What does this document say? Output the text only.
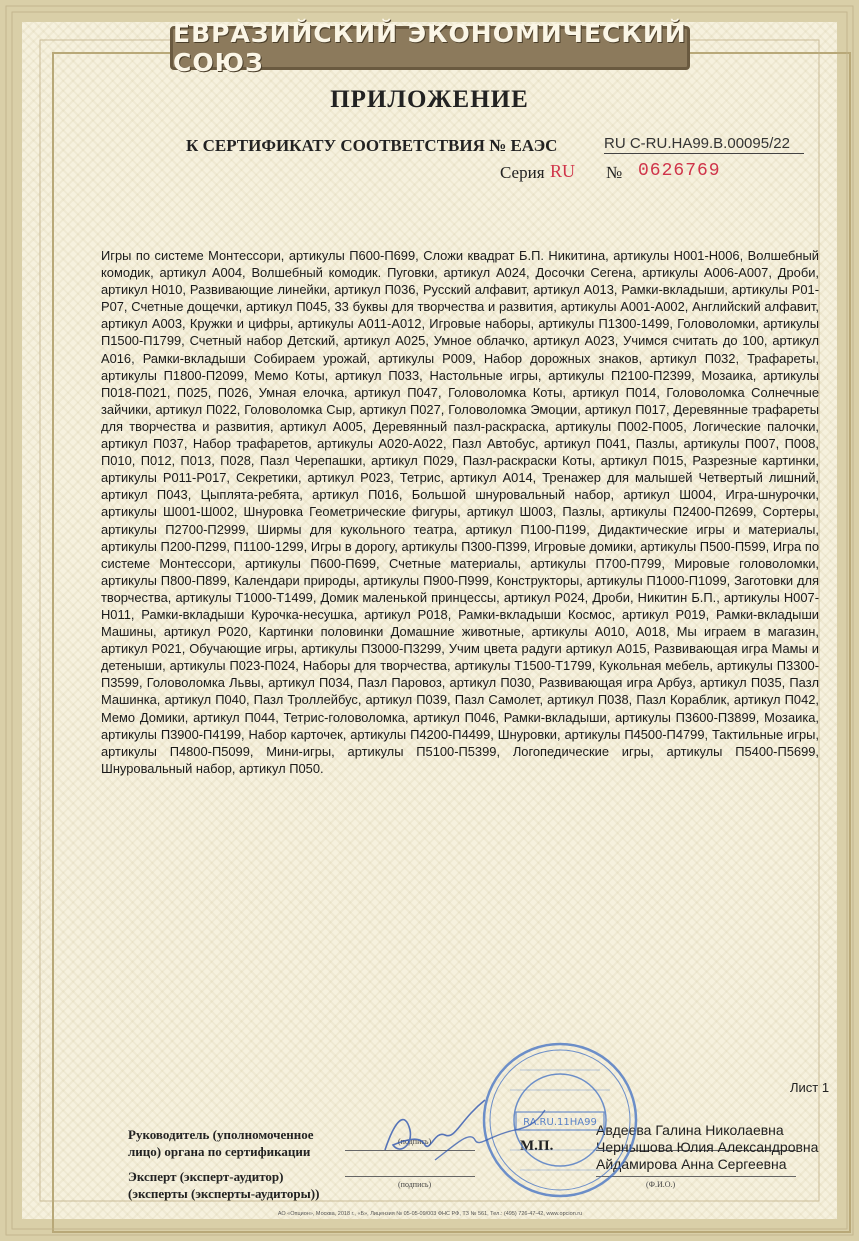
ЕВРАЗИЙСКИЙ ЭКОНОМИЧЕСКИЙ СОЮЗ
ПРИЛОЖЕНИЕ
К СЕРТИФИКАТУ СООТВЕТСТВИЯ № ЕАЭС	RU C-RU.HA99.B.00095/22
Серия RU № 0626769
Игры по системе Монтессори, артикулы П600-П699, Сложи квадрат Б.П. Никитина, артикулы Н001-Н006, Волшебный комодик, артикул А004, Волшебный комодик. Пуговки, артикул А024, Досочки Сегена, артикулы А006-А007, Дроби, артикул Н010, Развивающие линейки, артикул П036, Русский алфавит, артикул А013, Рамки-вкладыши, артикулы Р01-Р07, Счетные дощечки, артикул П045, 33 буквы для творчества и развития, артикулы А001-А002, Английский алфавит, артикул А003, Кружки и цифры, артикулы А011-А012, Игровые наборы, артикулы П1300-1499, Головоломки, артикулы П1500-П1799, Счетный набор Детский, артикул А025, Умное облачко, артикул А023, Учимся считать до 100, артикул А016, Рамки-вкладыши Собираем урожай, артикулы Р009, Набор дорожных знаков, артикул П032, Трафареты, артикулы П1800-П2099, Мемо Коты, артикул П033, Настольные игры, артикулы П2100-П2399, Мозаика, артикулы П018-П021, П025, П026, Умная елочка, артикул П047, Головоломка Коты, артикул П014, Головоломка Солнечные зайчики, артикул П022, Головоломка Сыр, артикул П027, Головоломка Эмоции, артикул П017, Деревянные трафареты для творчества и развития, артикул А005, Деревянный пазл-раскраска, артикулы П002-П005, Логические палочки, артикул П037, Набор трафаретов, артикулы А020-А022, Пазл Автобус, артикул П041, Пазлы, артикулы П007, П008, П010, П012, П013, П028, Пазл Черепашки, артикул П029, Пазл-раскраски Коты, артикул П015, Разрезные картинки, артикулы Р011-Р017, Секретики, артикул Р023, Тетрис, артикул А014, Тренажер для малышей Четвертый лишний, артикул П043, Цыплята-ребята, артикул П016, Большой шнуровальный набор, артикул Ш004, Игра-шнурочки, артикулы Ш001-Ш002, Шнуровка Геометрические фигуры, артикул Ш003, Пазлы, артикулы П2400-П2699, Сортеры, артикулы П2700-П2999, Ширмы для кукольного театра, артикул П100-П199, Дидактические игры и материалы, артикулы П200-П299, П1100-1299, Игры в дорогу, артикулы П300-П399, Игровые домики, артикулы П500-П599, Игра по системе Монтессори, артикулы П600-П699, Счетные материалы, артикулы П700-П799, Мировые головоломки, артикулы П800-П899, Календари природы, артикулы П900-П999, Конструкторы, артикулы П1000-П1099, Заготовки для творчества, артикулы Т1000-Т1499, Домик маленькой принцессы, артикул Р024, Дроби, Никитин Б.П., артикулы Н007-Н011, Рамки-вкладыши Курочка-несушка, артикул Р018, Рамки-вкладыши Космос, артикул Р019, Рамки-вкладыши Машины, артикул Р020, Картинки половинки Домашние животные, артикулы А010, А018, Мы играем в магазин, артикул Р021, Обучающие игры, артикулы П3000-П3299, Учим цвета радуги артикул А015, Развивающая игра Мамы и детеныши, артикулы П023-П024, Наборы для творчества, артикулы Т1500-Т1799, Кукольная мебель, артикулы П3300-П3599, Головоломка Львы, артикул П034, Пазл Паровоз, артикул П030, Развивающая игра Арбуз, артикул П035, Пазл Машинка, артикул П040, Пазл Троллейбус, артикул П039, Пазл Самолет, артикул П038, Пазл Кораблик, артикул П042, Мемо Домики, артикул П044, Тетрис-головоломка, артикул П046, Рамки-вкладыши, артикулы П3600-П3899, Мозаика, артикулы П3900-П4199, Набор карточек, артикулы П4200-П4499, Шнуровки, артикулы П4500-П4799, Тактильные игры, артикулы П4800-П5099, Мини-игры, артикулы П5100-П5399, Логопедические игры, артикулы П5400-П5699, Шнуровальный набор, артикул П050.
Лист 1
Руководитель (уполномоченное
лицо) органа по сертификации
Эксперт (эксперт-аудитор)
(эксперты (эксперты-аудиторы))
(подпись)
(подпись)
М.П.
Авдеева Галина Николаевна
Чернышова Юлия Александровна
Айдамирова Анна Сергеевна
(Ф.И.О.)
RA.RU.11HA99
АО «Опцион», Москва, 2018 г., «Б», Лицензия № 05-05-09/003 ФНС РФ, ТЗ № 561, Тел.: (495) 726-47-42, www.opcion.ru
